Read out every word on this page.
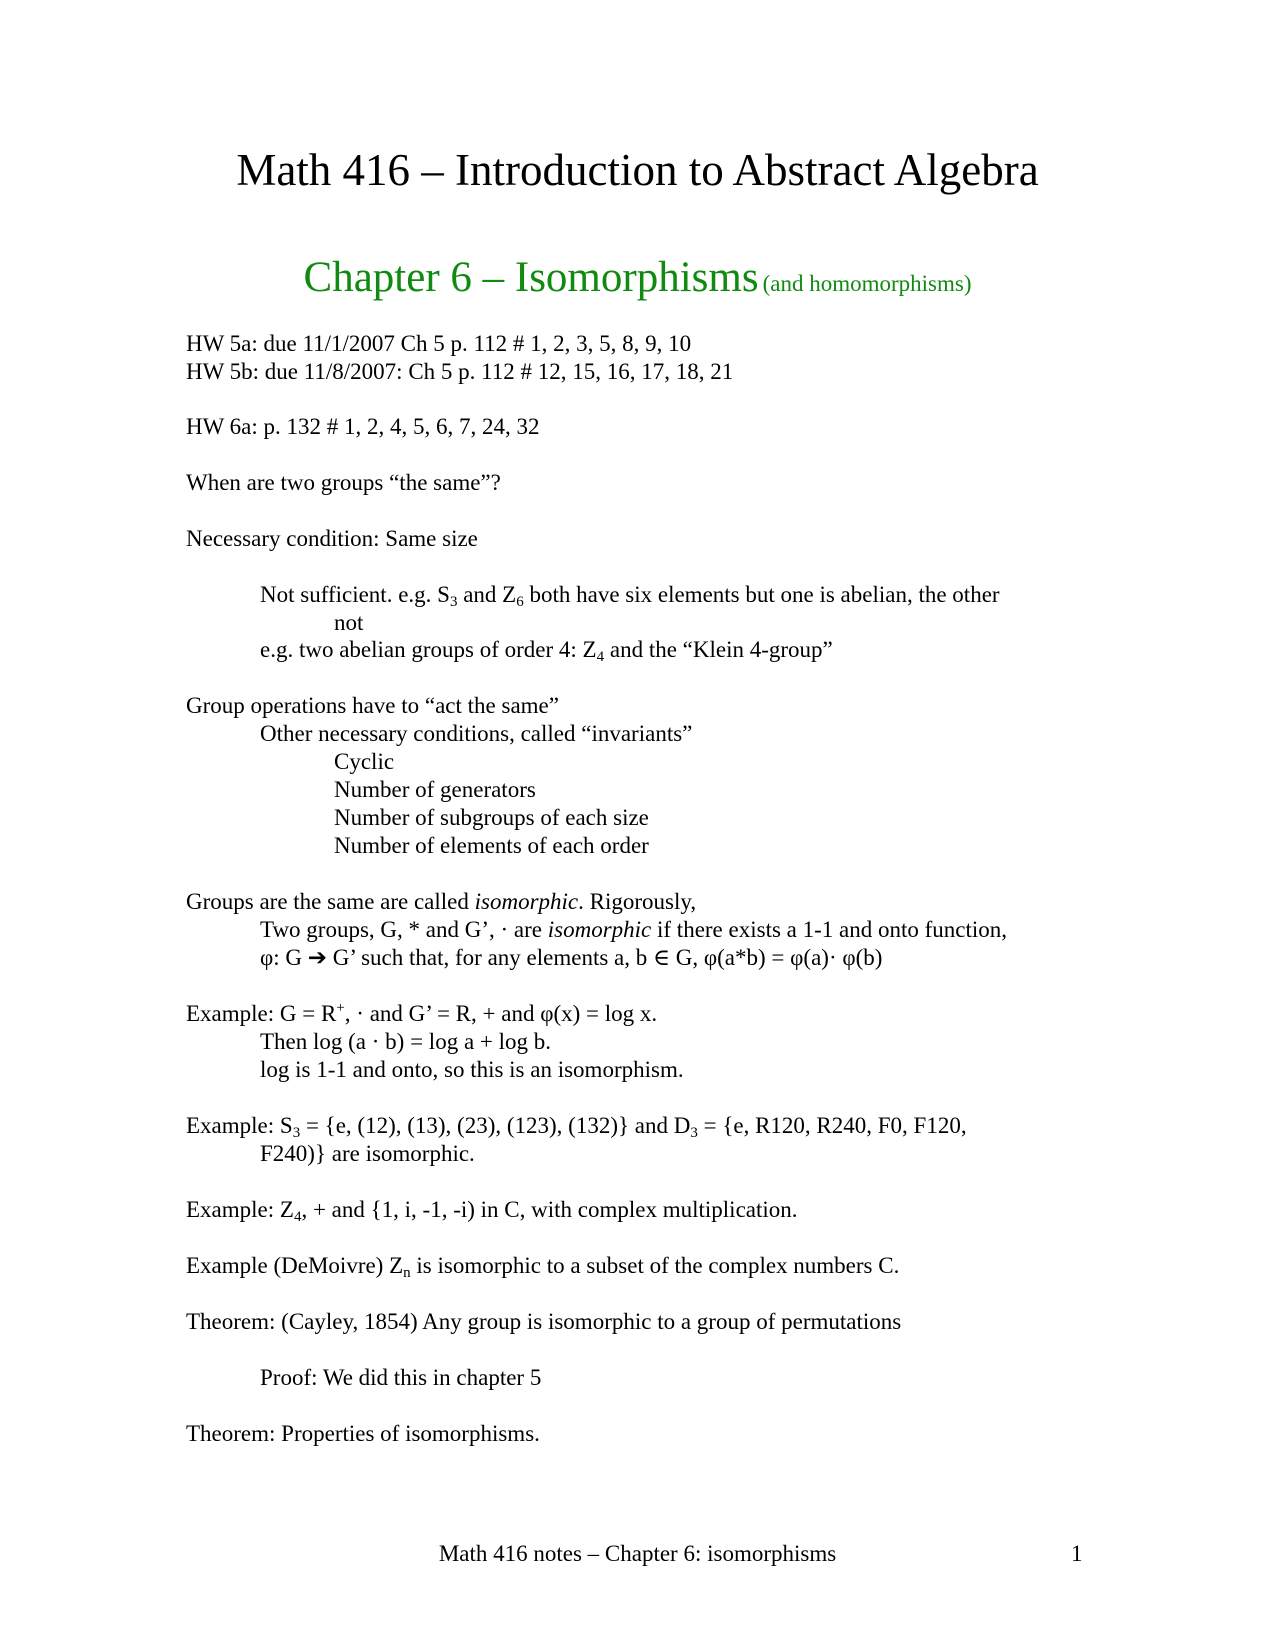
Math 416 – Introduction to Abstract Algebra
Chapter 6 – Isomorphisms (and homomorphisms)
HW 5a: due 11/1/2007 Ch 5 p. 112 # 1, 2, 3, 5, 8, 9, 10
HW 5b: due 11/8/2007: Ch 5 p. 112 # 12, 15, 16, 17, 18, 21
HW 6a: p. 132 # 1, 2, 4, 5, 6, 7, 24, 32
When are two groups “the same”?
Necessary condition: Same size
Not sufficient. e.g. $S_3$ and $Z_6$ both have six elements but one is abelian, the other
not
e.g. two abelian groups of order 4: $Z_4$ and the “Klein 4-group”
Group operations have to “act the same”
Other necessary conditions, called “invariants”
Cyclic
Number of generators
Number of subgroups of each size
Number of elements of each order
Groups are the same are called isomorphic. Rigorously,
Two groups, G, * and G’, · are isomorphic if there exists a 1-1 and onto function,
φ: G ➔ G’ such that, for any elements a, b ∈ G, φ(a*b) = φ(a)· φ(b)
Example: G = R+, · and G’ = R, + and φ(x) = log x.
Then log (a · b) = log a + log b.
log is 1-1 and onto, so this is an isomorphism.
Example: $S_3 = \{e$, (12), (13), (23), (123), (132)} and $D_3 = \{e$, R120, R240, F0, F120,
F240)} are isomorphic.
Example: $Z_4$, + and {1, i, -1, -i) in C, with complex multiplication.
Example (DeMoivre) $Z_n$ is isomorphic to a subset of the complex numbers C.
Theorem: (Cayley, 1854) Any group is isomorphic to a group of permutations
Proof: We did this in chapter 5
Theorem: Properties of isomorphisms.
Math 416 notes – Chapter 6: isomorphisms	1
